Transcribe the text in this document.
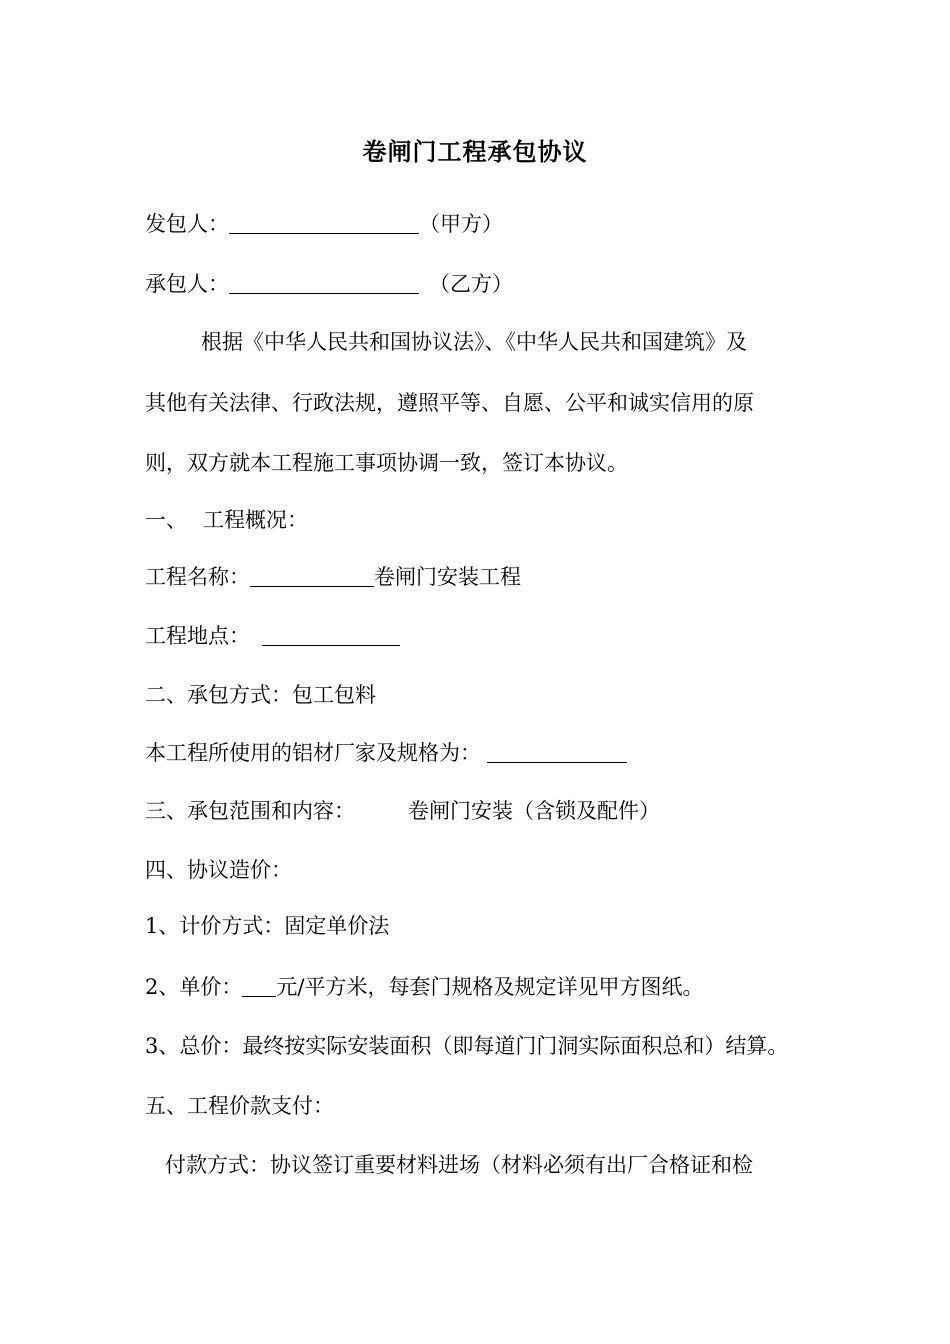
卷闸门工程承包协议
发包人：	（甲方）
承包人：	（乙方）
根据《中华人民共和国协议法》、《中华人民共和国建筑》及
其他有关法律、行政法规，遵照平等、自愿、公平和诚实信用的原
则，双方就本工程施工事项协调一致，签订本协议。
一、 工程概况：
工程名称：	卷闸门安装工程
工程地点：
二、承包方式：包工包料
本工程所使用的铝材厂家及规格为：
三、承包范围和内容：	卷闸门安装（含锁及配件）
四、协议造价：
1、计价方式：固定单价法
2、单价： 元/平方米，每套门规格及规定详见甲方图纸。
3、总价：最终按实际安装面积（即每道门门洞实际面积总和）结算。
五、工程价款支付：
付款方式：协议签订重要材料进场（材料必须有出厂合格证和检
